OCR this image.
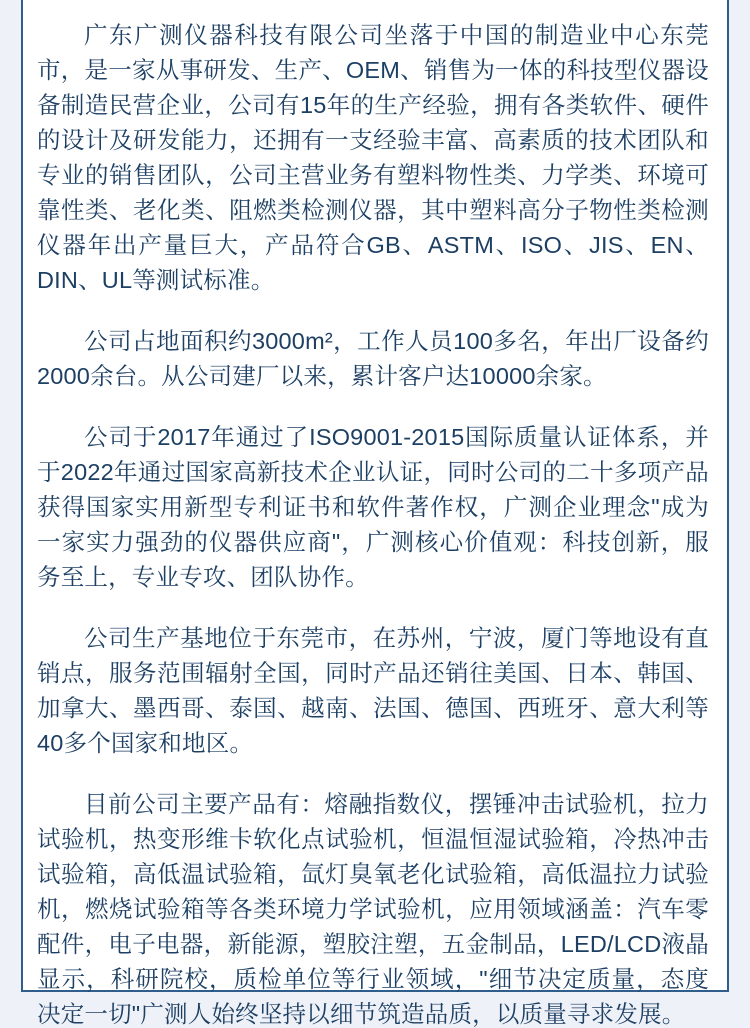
广东广测仪器科技有限公司坐落于中国的制造业中心东莞市，是一家从事研发、生产、OEM、销售为一体的科技型仪器设备制造民营企业，公司有15年的生产经验，拥有各类软件、硬件的设计及研发能力，还拥有一支经验丰富、高素质的技术团队和专业的销售团队，公司主营业务有塑料物性类、力学类、环境可靠性类、老化类、阻燃类检测仪器，其中塑料高分子物性类检测仪器年出产量巨大，产品符合GB、ASTM、ISO、JIS、EN、DIN、UL等测试标准。

公司占地面积约3000m²，工作人员100多名，年出厂设备约2000余台。从公司建厂以来，累计客户达10000余家。

公司于2017年通过了ISO9001-2015国际质量认证体系，并于2022年通过国家高新技术企业认证，同时公司的二十多项产品获得国家实用新型专利证书和软件著作权，广测企业理念"成为一家实力强劲的仪器供应商"，广测核心价值观：科技创新，服务至上，专业专攻、团队协作。

公司生产基地位于东莞市，在苏州，宁波，厦门等地设有直销点，服务范围辐射全国，同时产品还销往美国、日本、韩国、加拿大、墨西哥、泰国、越南、法国、德国、西班牙、意大利等40多个国家和地区。

目前公司主要产品有：熔融指数仪，摆锤冲击试验机，拉力试验机，热变形维卡软化点试验机，恒温恒湿试验箱，冷热冲击试验箱，高低温试验箱，氙灯臭氧老化试验箱，高低温拉力试验机，燃烧试验箱等各类环境力学试验机，应用领域涵盖：汽车零配件，电子电器，新能源，塑胶注塑，五金制品，LED/LCD液晶显示，科研院校，质检单位等行业领域，"细节决定质量，态度决定一切"广测人始终坚持以细节筑造品质，以质量寻求发展。
